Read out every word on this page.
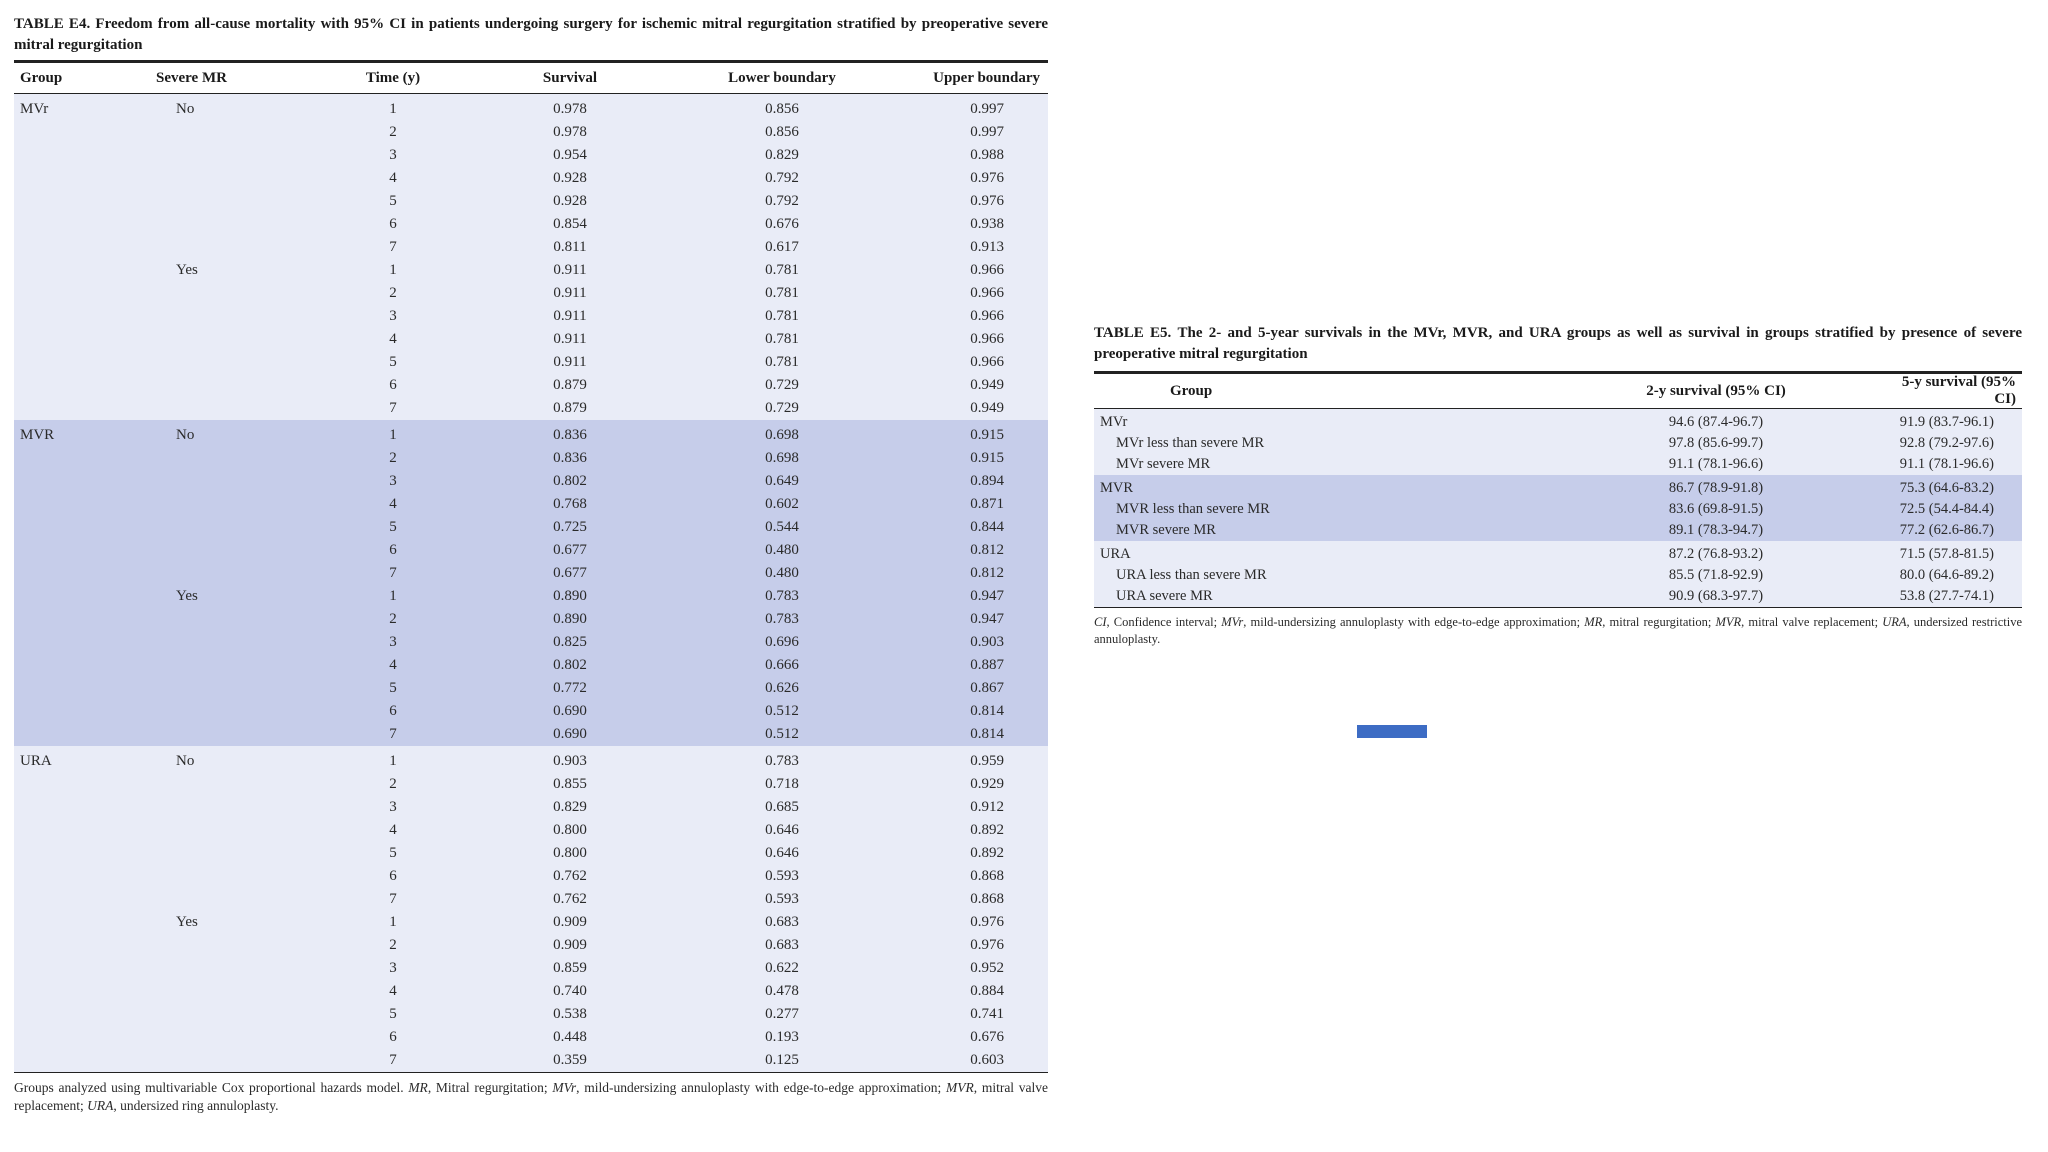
TABLE E4. Freedom from all-cause mortality with 95% CI in patients undergoing surgery for ischemic mitral regurgitation stratified by preoperative severe mitral regurgitation
Group	Severe MR	Time (y)	Survival	Lower boundary	Upper boundary
MVr	No	1	0.978	0.856	0.997
		2	0.978	0.856	0.997
		3	0.954	0.829	0.988
		4	0.928	0.792	0.976
		5	0.928	0.792	0.976
		6	0.854	0.676	0.938
		7	0.811	0.617	0.913
	Yes	1	0.911	0.781	0.966
		2	0.911	0.781	0.966
		3	0.911	0.781	0.966
		4	0.911	0.781	0.966
		5	0.911	0.781	0.966
		6	0.879	0.729	0.949
		7	0.879	0.729	0.949
MVR	No	1	0.836	0.698	0.915
		2	0.836	0.698	0.915
		3	0.802	0.649	0.894
		4	0.768	0.602	0.871
		5	0.725	0.544	0.844
		6	0.677	0.480	0.812
		7	0.677	0.480	0.812
	Yes	1	0.890	0.783	0.947
		2	0.890	0.783	0.947
		3	0.825	0.696	0.903
		4	0.802	0.666	0.887
		5	0.772	0.626	0.867
		6	0.690	0.512	0.814
		7	0.690	0.512	0.814
URA	No	1	0.903	0.783	0.959
		2	0.855	0.718	0.929
		3	0.829	0.685	0.912
		4	0.800	0.646	0.892
		5	0.800	0.646	0.892
		6	0.762	0.593	0.868
		7	0.762	0.593	0.868
	Yes	1	0.909	0.683	0.976
		2	0.909	0.683	0.976
		3	0.859	0.622	0.952
		4	0.740	0.478	0.884
		5	0.538	0.277	0.741
		6	0.448	0.193	0.676
		7	0.359	0.125	0.603
Groups analyzed using multivariable Cox proportional hazards model. MR, Mitral regurgitation; MVr, mild-undersizing annuloplasty with edge-to-edge approximation; MVR, mitral valve replacement; URA, undersized ring annuloplasty.
TABLE E5. The 2- and 5-year survivals in the MVr, MVR, and URA groups as well as survival in groups stratified by presence of severe preoperative mitral regurgitation
Group	2-y survival (95% CI)	5-y survival (95% CI)
MVr	94.6 (87.4-96.7)	91.9 (83.7-96.1)
MVr less than severe MR	97.8 (85.6-99.7)	92.8 (79.2-97.6)
MVr severe MR	91.1 (78.1-96.6)	91.1 (78.1-96.6)
MVR	86.7 (78.9-91.8)	75.3 (64.6-83.2)
MVR less than severe MR	83.6 (69.8-91.5)	72.5 (54.4-84.4)
MVR severe MR	89.1 (78.3-94.7)	77.2 (62.6-86.7)
URA	87.2 (76.8-93.2)	71.5 (57.8-81.5)
URA less than severe MR	85.5 (71.8-92.9)	80.0 (64.6-89.2)
URA severe MR	90.9 (68.3-97.7)	53.8 (27.7-74.1)
CI, Confidence interval; MVr, mild-undersizing annuloplasty with edge-to-edge approximation; MR, mitral regurgitation; MVR, mitral valve replacement; URA, undersized restrictive annuloplasty.
